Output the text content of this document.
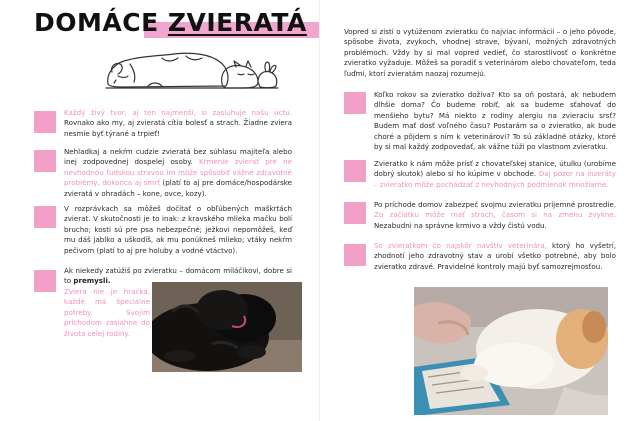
DOMÁCE ZVIERATÁ
Každý živý tvor, aj ten najmenší, si zasluhuje našu úctu. Rovnako ako my, aj zvieratá cítia bolesť a strach. Žiadne zviera nesmie byť týrané a trpieť!
Nehladkaj a nekŕm cudzie zvieratá bez súhlasu majiteľa alebo inej zodpovednej dospelej osoby. Kŕmenie zvierat pre ne nevhodnou ľudskou stravou im môže spôsobiť vážne zdravotné problémy, dokonca aj smrť (platí to aj pre domáce/hospodárske zvieratá v ohradách – kone, ovce, kozy).
V rozprávkach sa môžeš dočítať o obľúbených maškrtách zvierat. V skutočnosti je to inak: z kravského mlieka mačku bolí brucho; kosti sú pre psa nebezpečné; ježkovi nepomôžeš, keď mu dáš jablko a uškodíš, ak mu ponúkneš mlieko; vtáky nekŕm pečivom (platí to aj pre holuby a vodné vtáctvo).
Ak niekedy zatúžiš po zvieratku – domácom miláčikovi, dobre si to premysli.
Zviera nie je hračka, každé má špeciálne potreby. Svojim príchodom zasiahne do života celej rodiny.
Vopred si zisti o vytúženom zvieratku čo najviac informácií – o jeho pôvode, spôsobe života, zvykoch, vhodnej strave, bývaní, možných zdravotných problémoch. Vždy by si mal vopred vedieť, čo starostlivosť o konkrétne zvieratko vyžaduje. Môžeš sa poradiť s veterinárom alebo chovateľom, teda ľuďmi, ktorí zvieratám naozaj rozumejú.
Koľko rokov sa zvieratko dožíva? Kto sa oň postará, ak nebudem dlhšie doma? Čo budeme robiť, ak sa budeme sťahovať do menšieho bytu? Má niekto z rodiny alergiu na zvieraciu srsť? Budem mať dosť voľného času? Postarám sa o zvieratko, ak bude choré a pôjdem s ním k veterinárovi? To sú základné otázky, ktoré by si mal každý zodpovedať, ak vážne túži po vlastnom zvieratku.
Zvieratko k nám môže prísť z chovateľskej stanice, útulku (urobíme dobrý skutok) alebo si ho kúpime v obchode. Daj pozor na inzeráty – zvieratko môže pochádzať z nevhodných podmienok množiarne.
Po príchode domov zabezpeč svojmu zvieratku príjemné prostredie. Zo začiatku môže mať strach, časom si na zmenu zvykne. Nezabudni na správne krmivo a vždy čistú vodu.
So zvieratkom čo najskôr navštív veterinára, ktorý ho vyšetrí, zhodnotí jeho zdravotný stav a urobí všetko potrebné, aby bolo zvieratko zdravé. Pravidelné kontroly majú byť samozrejmosťou.
